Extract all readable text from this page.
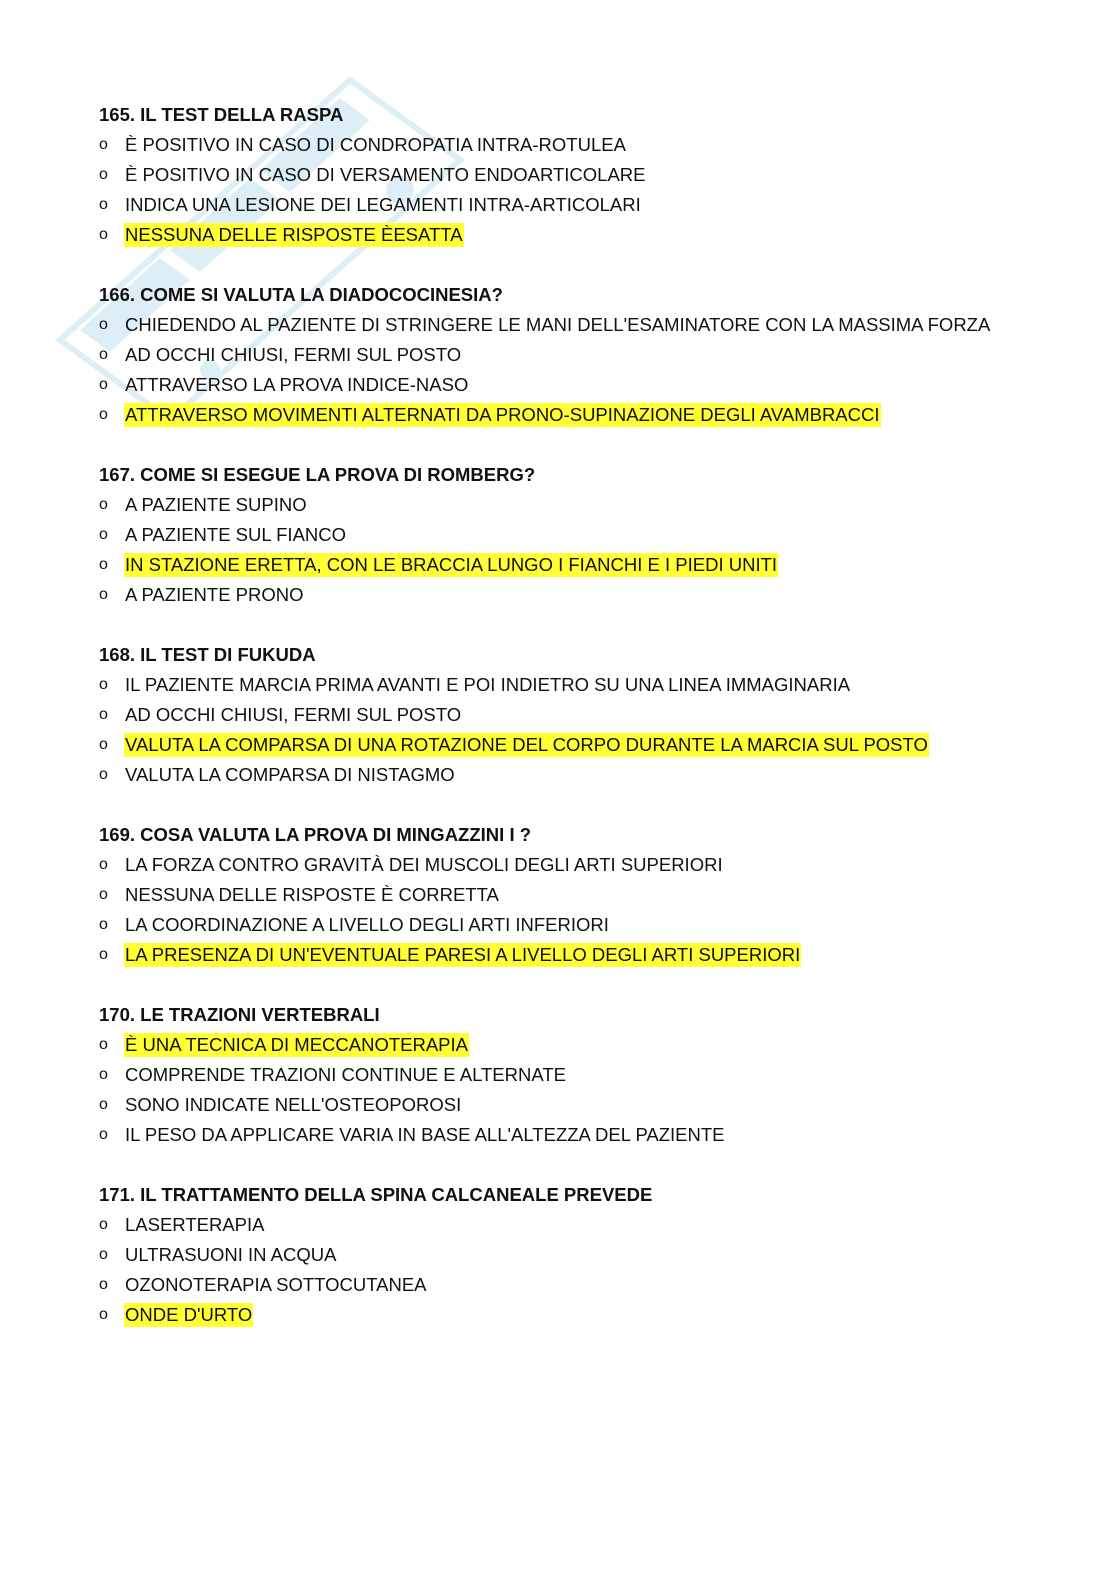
165. IL TEST DELLA RASPA
o È POSITIVO IN CASO DI CONDROPATIA INTRA-ROTULEA
o È POSITIVO IN CASO DI VERSAMENTO ENDOARTICOLARE
o INDICA UNA LESIONE DEI LEGAMENTI INTRA-ARTICOLARI
o NESSUNA DELLE RISPOSTE ÈESATTA
166. COME SI VALUTA LA DIADOCOCINESIA?
o CHIEDENDO AL PAZIENTE DI STRINGERE LE MANI DELL'ESAMINATORE CON LA MASSIMA FORZA
o AD OCCHI CHIUSI, FERMI SUL POSTO
o ATTRAVERSO LA PROVA INDICE-NASO
o ATTRAVERSO MOVIMENTI ALTERNATI DA PRONO-SUPINAZIONE DEGLI AVAMBRACCI
167. COME SI ESEGUE LA PROVA DI ROMBERG?
o A PAZIENTE SUPINO
o A PAZIENTE SUL FIANCO
o IN STAZIONE ERETTA, CON LE BRACCIA LUNGO I FIANCHI E I PIEDI UNITI
o A PAZIENTE PRONO
168. IL TEST DI FUKUDA
o IL PAZIENTE MARCIA PRIMA AVANTI E POI INDIETRO SU UNA LINEA IMMAGINARIA
o AD OCCHI CHIUSI, FERMI SUL POSTO
o VALUTA LA COMPARSA DI UNA ROTAZIONE DEL CORPO DURANTE LA MARCIA SUL POSTO
o VALUTA LA COMPARSA DI NISTAGMO
169. COSA VALUTA LA PROVA DI MINGAZZINI I ?
o LA FORZA CONTRO GRAVITÀ DEI MUSCOLI DEGLI ARTI SUPERIORI
o NESSUNA DELLE RISPOSTE È CORRETTA
o LA COORDINAZIONE A LIVELLO DEGLI ARTI INFERIORI
o LA PRESENZA DI UN'EVENTUALE PARESI A LIVELLO DEGLI ARTI SUPERIORI
170. LE TRAZIONI VERTEBRALI
o È UNA TECNICA DI MECCANOTERAPIA
o COMPRENDE TRAZIONI CONTINUE E ALTERNATE
o SONO INDICATE NELL'OSTEOPOROSI
o IL PESO DA APPLICARE VARIA IN BASE ALL'ALTEZZA DEL PAZIENTE
171. IL TRATTAMENTO DELLA SPINA CALCANEALE PREVEDE
o LASERTERAPIA
o ULTRASUONI IN ACQUA
o OZONOTERAPIA SOTTOCUTANEA
o ONDE D'URTO
